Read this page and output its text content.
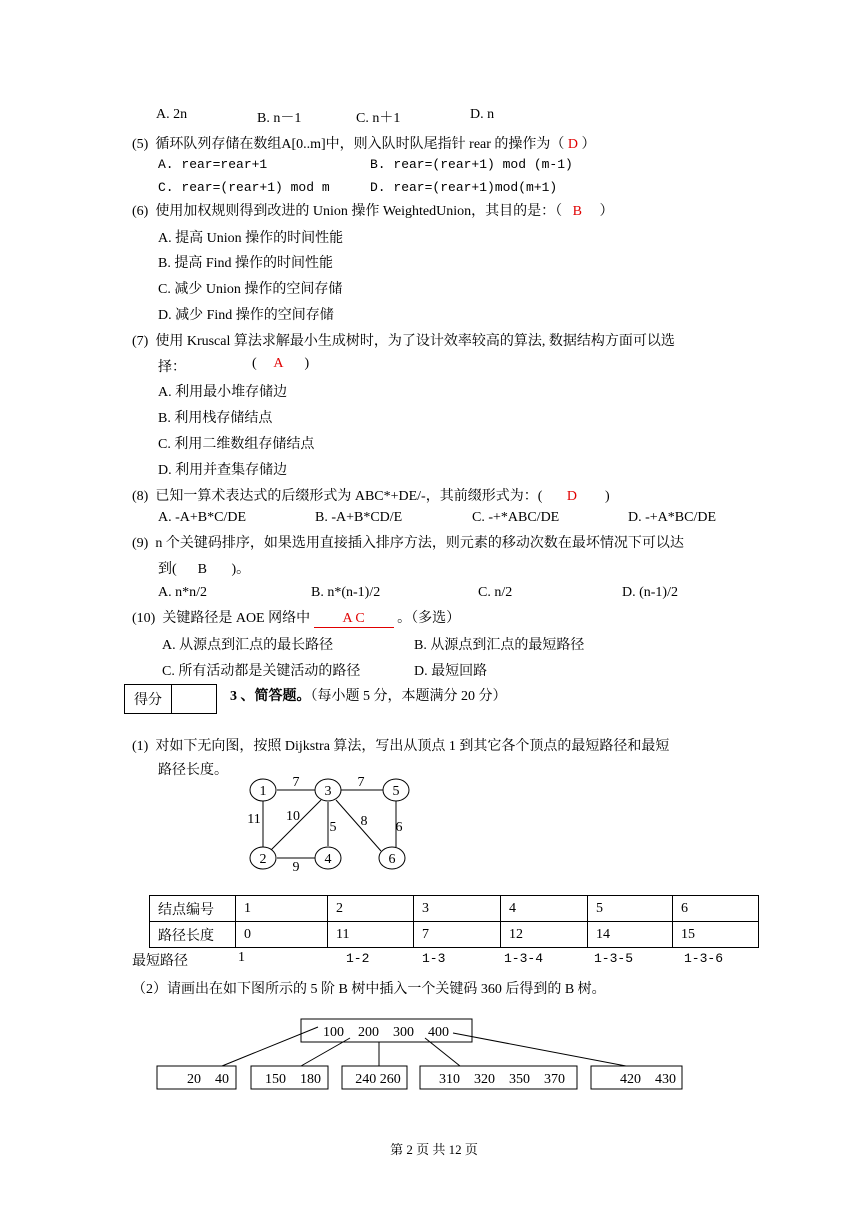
A. 2n	B. n－1	C. n＋1	D. n
(5) 循环队列存储在数组A[0..m]中，则入队时队尾指针 rear 的操作为（ D ）
A. rear=rear+1	B. rear=(rear+1) mod (m-1)
C. rear=(rear+1) mod m	D. rear=(rear+1)mod(m+1)
(6) 使用加权规则得到改进的 Union 操作 WeightedUnion，其目的是：（ B ）
A. 提高 Union 操作的时间性能
B. 提高 Find 操作的时间性能
C. 减少 Union 操作的空间存储
D. 减少 Find 操作的空间存储
(7) 使用 Kruscal 算法求解最小生成树时，为了设计效率较高的算法, 数据结构方面可以选
择：	( A )
A. 利用最小堆存储边
B. 利用栈存储结点
C. 利用二维数组存储结点
D. 利用并查集存储边
(8) 已知一算术表达式的后缀形式为 ABC*+DE/-，其前缀形式为：( D )
A. -A+B*C/DE	B. -A+B*CD/E	C. -+*ABC/DE	D. -+A*BC/DE
(9) n 个关键码排序，如果选用直接插入排序方法，则元素的移动次数在最坏情况下可以达
到( B )。
A. n*n/2	B. n*(n-1)/2	C. n/2	D. (n-1)/2
(10) 关键路径是 AOE 网络中 A C 。（多选）
A. 从源点到汇点的最长路径	B. 从源点到汇点的最短路径
C. 所有活动都是关键活动的路径	D. 最短回路
得分		3 、简答题。（每小题 5 分，本题满分 20 分）
(1) 对如下无向图，按照 Dijkstra 算法，写出从顶点 1 到其它各个顶点的最短路径和最短
路径长度。
1
2
3
4
5
6
7	7
11 10
5 8 6
9
100    200    300    400
20    40	150    180 240 260	310    320    350    370	420    430
结点编号	1	2	3	4	5	6
路径长度	0	11	7	12	14	15
最短路径	1	1-2	1-3	1-3-4	1-3-5	1-3-6
（2）请画出在如下图所示的 5 阶 B 树中插入一个关键码 360 后得到的 B 树。
第 2 页 共 12 页
